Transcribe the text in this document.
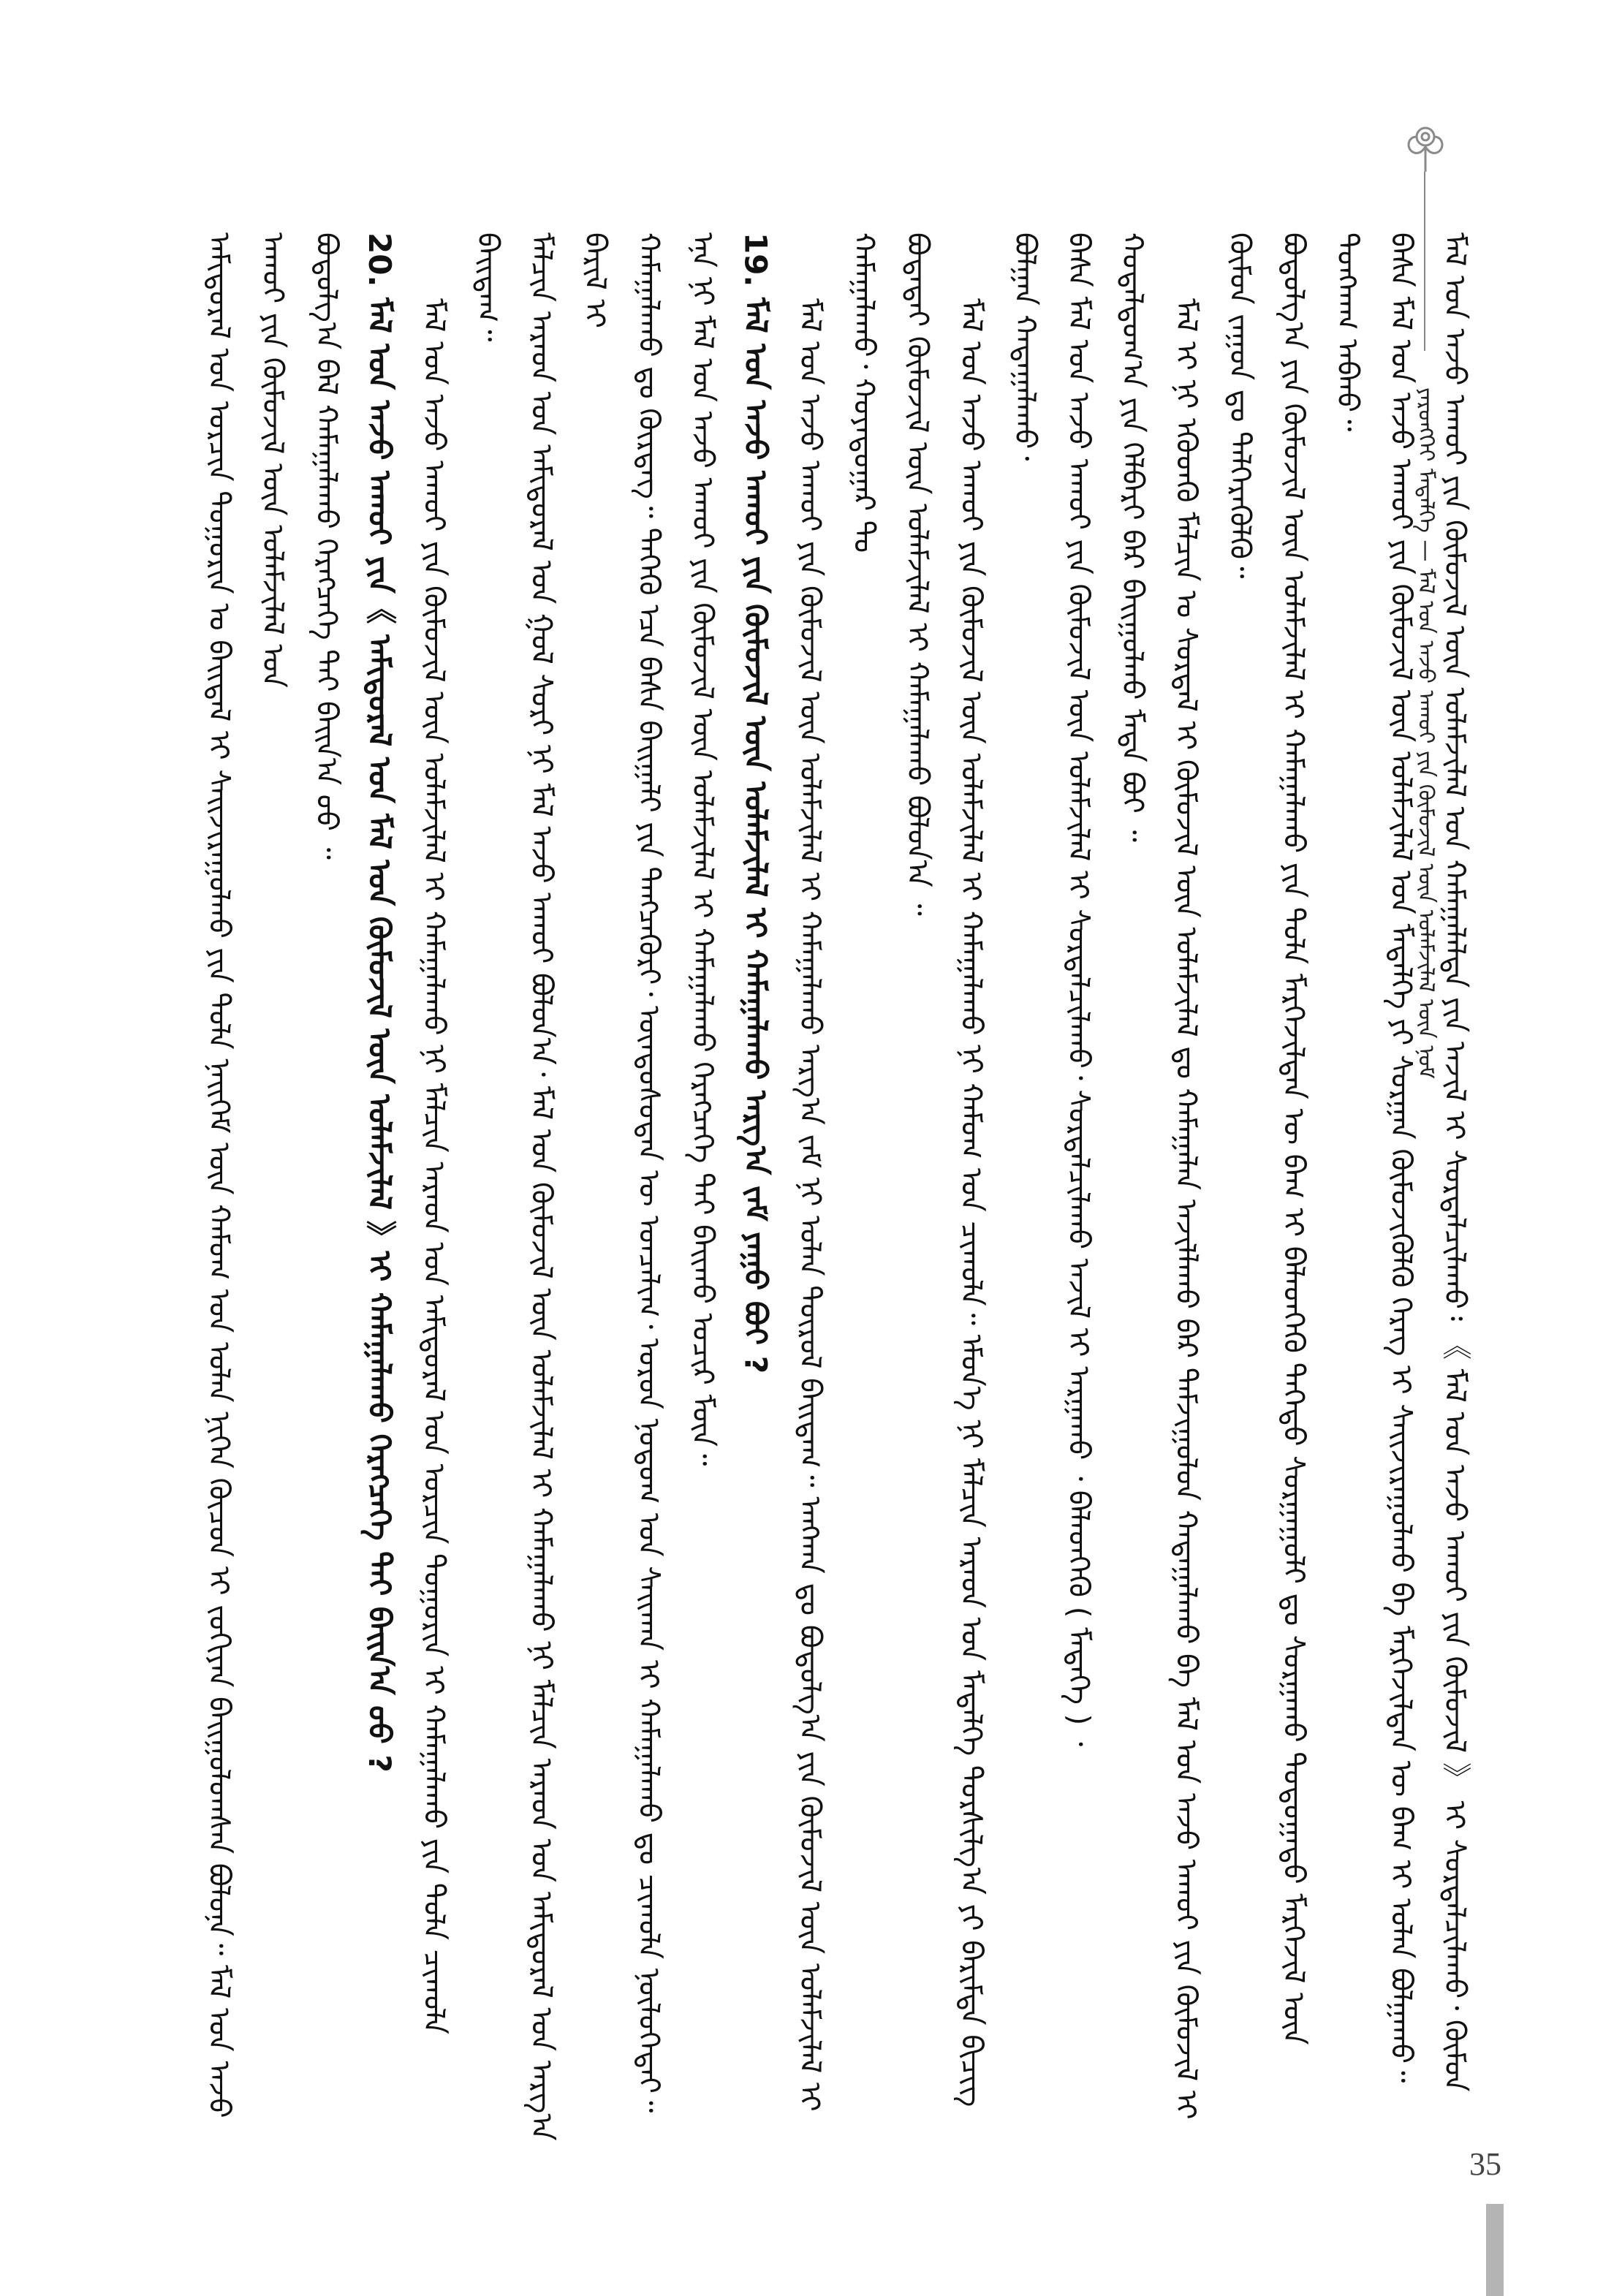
ᠶᠡᠷᠦᠩᠬᠡᠢ ᠮᠡᠳᠡᠯᠭᠡ — ᠮᠠᠯ ᠤᠨ ᠠᠵᠤ ᠠᠬᠤᠢ ᠶᠢᠨ ᠬᠦᠮᠦᠵᠢᠯ ᠦᠨ ᠤᠯᠠᠮᠵᠢᠯᠠᠯ ᠦᠨ ᠨᠤᠮ

ᠠᠮᠢᠳᠤᠷᠠᠯ ᠤᠨ ᠣᠷᠴᠢᠨ ᠲᠣᠭᠣᠷᠢᠨ ᠤ ᠪᠠᠢᠳᠠᠯ ᠢ ᠰᠠᠢᠵᠢᠷᠠᠭᠤᠯᠬᠤ ᠶᠢᠨ ᠲᠤᠯᠠ ᠨᠡᠢᠭᠡᠮ ᠦᠨ ᠬᠠᠮᠤᠭ ᠤᠨ ᠣᠯᠠᠨ ᠨᠢᠭᠡᠨ ᠬᠦᠴᠦᠨ ᠢ ᠵᠣᠬᠢᠶᠠᠨ ᠪᠠᠢᠭᠤᠯᠤᠭᠰᠠᠨ ᠪᠣᠯᠤᠨᠠ᠃ ᠮᠠᠯ ᠤᠨ ᠠᠵᠤ ᠠᠬᠤᠢ ᠶᠢᠨ ᠬᠦᠮᠦᠵᠢᠯ ᠦᠨ ᠤᠯᠠᠮᠵᠢᠯᠠᠯ ᠤᠨ ᠪᠣᠳᠤᠯᠭ᠎ᠠ ᠪᠡᠯ ᠬᠠᠮᠠᠭᠠᠯᠠᠬᠤ ᠬᠡᠷᠡᠭᠴᠡᠭᠡ ᠲᠠᠢ ᠪᠠᠢᠨ᠎ᠠ ᠤᠤ ᠃ 20. ᠮᠠᠯ ᠤᠨ ᠠᠵᠤ ᠠᠬᠤᠢ ᠶᠢᠨ《 ᠠᠮᠢᠳᠤᠷᠠᠯ ᠤᠨ ᠮᠠᠯ ᠤᠨ ᠬᠦᠮᠦᠵᠢᠯ ᠦᠨ ᠤᠯᠠᠮᠵᠢᠯᠠᠯ 》ᠢ ᠬᠠᠮᠠᠭᠠᠯᠠᠬᠤ ᠬᠡᠷᠡᠭᠴᠡᠭᠡ ᠲᠠᠢ ᠪᠠᠢᠨ᠎ᠠ ᠤᠤ ? ᠮᠠᠯ ᠤᠨ ᠠᠵᠤ ᠠᠬᠤᠢ ᠶᠢᠨ ᠬᠦᠮᠦᠵᠢᠯ ᠦᠨ ᠤᠯᠠᠮᠵᠢᠯᠠᠯ ᠢ ᠬᠠᠮᠠᠭᠠᠯᠠᠬᠤ ᠨᠢ ᠮᠠᠯᠴᠢᠨ ᠠᠷᠠᠳ ᠤᠨ ᠠᠮᠢᠳᠤᠷᠠᠯ ᠤᠨ ᠣᠷᠴᠢᠨ ᠲᠣᠭᠣᠷᠢᠨ ᠢ ᠬᠠᠮᠠᠭᠠᠯᠠᠬᠤ ᠶᠢᠨ ᠲᠤᠯᠠ ᠴᠢᠬᠤᠯᠠ ᠪᠠᠢᠳᠠᠭ᠃ ᠮᠠᠯᠴᠢᠨ ᠠᠷᠠᠳ ᠤᠨ ᠠᠮᠢᠳᠤᠷᠠᠯ ᠤᠨ ᠭᠤᠯ ᠰᠤᠷᠢ ᠨᠢ ᠮᠠᠯ ᠠᠵᠤ ᠠᠬᠤᠢ ᠪᠣᠯᠤᠨ᠎ᠠ᠂ ᠮᠠᠯ ᠤᠨ ᠬᠦᠮᠦᠵᠢᠯ ᠦᠨ ᠤᠯᠠᠮᠵᠢᠯᠠᠯ ᠢ ᠬᠠᠮᠠᠭᠠᠯᠠᠬᠤ ᠨᠢ ᠮᠠᠯᠴᠢᠨ ᠠᠷᠠᠳ ᠤᠨ ᠠᠮᠢᠳᠤᠷᠠᠯ ᠤᠨ ᠠᠷᠭ᠎ᠠ ᠪᠠᠷᠢᠯ ᠢ ᠬᠠᠮᠠᠭᠠᠯᠠᠬᠤ ᠳᠤ ᠬᠦᠷᠳᠡᠭ᠃ ᠲᠡᠭᠡᠬᠦ ᠡᠴᠡ ᠪᠠᠰᠠ ᠪᠠᠢᠭᠠᠯᠢ ᠶᠢᠨ ᠲᠡᠩᠴᠡᠭᠦᠷᠢ᠂ ᠦᠨᠳᠦᠰᠦᠲᠡᠨ ᠦ ᠣᠨᠴᠠᠯᠢᠭ᠂ ᠣᠷᠣᠨ ᠨᠤᠲᠤᠭ ᠤᠨ ᠰᠠᠢᠬᠠᠨ ᠢ ᠬᠠᠮᠠᠭᠠᠯᠠᠬᠤ ᠳᠤ ᠴᠢᠬᠤᠯᠠ ᠨᠥᠯᠦᠭᠡᠲᠡᠢ᠃ ᠡᠨᠡ ᠨᠢ ᠮᠠᠯ ᠤᠨ ᠠᠵᠤ ᠠᠬᠤᠢ ᠶᠢᠨ ᠬᠦᠮᠦᠵᠢᠯ ᠦᠨ ᠤᠯᠠᠮᠵᠢᠯᠠᠯ ᠢ ᠬᠠᠮᠠᠭᠠᠯᠠᠬᠤ ᠬᠡᠷᠡᠭᠴᠡᠭᠡ ᠲᠠᠢ ᠪᠠᠢᠬᠤ ᠤᠴᠢᠷ ᠮᠥᠨ᠃ 19. ᠮᠠᠯ ᠤᠨ ᠠᠵᠤ ᠠᠬᠤᠢ ᠶᠢᠨ ᠬᠦᠮᠦᠵᠢᠯ ᠦᠨ ᠤᠯᠠᠮᠵᠢᠯᠠᠯ ᠢ ᠬᠠᠮᠠᠭᠠᠯᠠᠬᠤ ᠠᠷᠭ᠎ᠠ ᠵᠠᠮ ᠶᠠᠭᠤ ᠪᠣᠢ ? ᠮᠠᠯ ᠤᠨ ᠠᠵᠤ ᠠᠬᠤᠢ ᠶᠢᠨ ᠬᠦᠮᠦᠵᠢᠯ ᠦᠨ ᠤᠯᠠᠮᠵᠢᠯᠠᠯ ᠢ ᠬᠠᠮᠠᠭᠠᠯᠠᠬᠤ ᠠᠷᠭ᠎ᠠ ᠵᠠᠮ ᠨᠢ ᠣᠯᠠᠨ ᠲᠥᠷᠦᠯ ᠪᠠᠢᠳᠠᠭ᠃ ᠠᠩᠬᠠᠨ ᠳᠤ ᠪᠣᠳᠤᠯᠭ᠎ᠠ ᠶᠢᠨ ᠬᠦᠮᠦᠵᠢᠯ ᠦᠨ ᠤᠯᠠᠮᠵᠢᠯᠠᠯ ᠢ ᠬᠠᠮᠠᠭᠠᠯᠠᠬᠤ᠂ ᠬᠣᠶᠠᠳᠤᠭᠠᠷ ᠲᠤ ᠪᠣᠳᠠᠳᠠᠢ ᠬᠦᠮᠦᠵᠢᠯ ᠦᠨ ᠤᠯᠠᠮᠵᠢᠯᠠᠯ ᠢ ᠬᠠᠮᠠᠭᠠᠯᠠᠬᠤ ᠪᠣᠯᠤᠨ᠎ᠠ ᠃ ᠮᠠᠯ ᠤᠨ ᠠᠵᠤ ᠠᠬᠤᠢ ᠶᠢᠨ ᠬᠦᠮᠦᠵᠢᠯ ᠦᠨ ᠤᠯᠠᠮᠵᠢᠯᠠᠯ ᠢ ᠬᠠᠮᠠᠭᠠᠯᠠᠬᠤ ᠨᠢ ᠬᠠᠮᠤᠭ ᠤᠨ ᠴᠢᠬᠤᠯᠠ᠃ ᠡᠮᠦᠨ᠎ᠡ ᠨᠢ ᠮᠠᠯᠴᠢᠨ ᠠᠷᠠᠳ ᠤᠨ ᠮᠡᠳᠡᠯᠭᠡ ᠲᠤᠷᠰᠢᠯᠭ᠎ᠠ ᠶᠢ ᠪᠠᠷᠢᠮᠲᠠ ᠪᠢᠴᠢᠭ ᠪᠣᠯᠭᠠᠨ ᠬᠠᠳᠠᠭᠠᠯᠠᠬᠤ᠂ ᠪᠠᠰᠠ ᠮᠠᠯ ᠤᠨ ᠠᠵᠤ ᠠᠬᠤᠢ ᠶᠢᠨ ᠬᠦᠮᠦᠵᠢᠯ ᠦᠨ ᠤᠯᠠᠮᠵᠢᠯᠠᠯ ᠢ ᠰᠤᠷᠲᠠᠯᠴᠢᠯᠠᠬᠤ᠂ ᠰᠤᠷᠲᠠᠯᠴᠢᠯᠠᠬᠤ ᠠᠵᠢᠯ ᠢ ᠠᠷᠭᠠᠬᠤ ᠂ ᠪᠡᠯᠡᠳᠬᠡᠬᠦ ( ᠮᠡᠳᠡᠭᠡ ) ᠂ ᠬᠤᠳᠠᠯᠳᠤᠭ᠎ᠠ ᠶᠢᠨ ᠬᠡᠯᠪᠡᠷᠢ ᠪᠠᠷ ᠪᠠᠢᠭᠤᠯᠬᠤ ᠮᠡᠳᠡ ᠪᠣᠢ ᠃ ᠮᠠᠯ ᠢ ᠨᠢ ᠡᠭᠦᠳᠬᠦ ᠮᠠᠯᠴᠢᠨ ᠤ ᠰᠤᠷᠲᠠᠯ ᠢ ᠬᠦᠮᠦᠵᠢᠯ ᠦᠨ ᠤᠯᠠᠮᠵᠢᠯᠠᠯ ᠳᠤ ᠬᠠᠮᠠᠭᠠᠯᠠᠨ ᠠᠵᠢᠯᠯᠠᠬᠤ ᠪᠠᠷ ᠳᠠᠮᠵᠢᠭᠤᠯᠤᠨ ᠬᠠᠳᠠᠭᠠᠯᠠᠬᠤ ᠪᠠ ᠮᠠᠯ ᠤᠨ ᠠᠵᠤ ᠠᠬᠤᠢ ᠶᠢᠨ ᠬᠦᠮᠦᠵᠢᠯ ᠢ ᠬᠦᠮᠦᠨ ᠵᠠᠭᠤᠨ ᠳᠤ ᠳᠡᠯᠭᠡᠷᠡᠭᠦᠯᠬᠦ᠃ ᠪᠣᠳᠤᠯᠭ᠎ᠠ ᠶᠢᠨ ᠬᠦᠮᠦᠵᠢᠯ ᠦᠨ ᠤᠯᠠᠮᠵᠢᠯᠠᠯ ᠢ ᠬᠠᠮᠠᠭᠠᠯᠠᠬᠤ ᠶᠢᠨ ᠲᠤᠯᠠ ᠮᠡᠷᠭᠡᠵᠢᠯᠲᠡᠨ ᠦ ᠪᠠᠭ ᠢ ᠪᠡᠯᠡᠳᠬᠡᠬᠦ ᠲᠡᠭᠡᠳᠦ ᠰᠤᠷᠭᠠᠭᠤᠯᠢ ᠳᠤ ᠰᠤᠷᠭᠠᠬᠤ ᠳᠣᠲᠣᠭᠠᠳᠤ ᠮᠡᠷᠭᠡᠵᠢᠯ ᠦᠨ ᠲᠤᠩᠬᠠᠭ ᠠᠪᠬᠤ᠃ ᠪᠠᠰᠠ ᠮᠠᠯ ᠤᠨ ᠠᠵᠤ ᠠᠬᠤᠢ ᠶᠢᠨ ᠬᠦᠮᠦᠵᠢᠯ ᠦᠨ ᠤᠯᠠᠮᠵᠢᠯᠠᠯ ᠤᠨ ᠮᠡᠳᠡᠯᠭᠡ ᠶᠢ ᠰᠤᠷᠭᠠᠨ ᠬᠦᠮᠦᠵᠢᠭᠦᠯᠬᠦ ᠬᠡᠷᠡᠭ ᠢ ᠰᠠᠢᠵᠢᠷᠠᠭᠤᠯᠬᠤ ᠪᠠ ᠮᠡᠷᠭᠡᠵᠢᠯᠲᠡᠨ ᠦ ᠪᠠᠭ ᠢ ᠣᠯᠠᠨ ᠪᠣᠯᠭᠠᠬᠤ᠃ ᠮᠠᠯ ᠤᠨ ᠠᠵᠤ ᠠᠬᠤᠢ ᠶᠢᠨ ᠬᠦᠮᠦᠵᠢᠯ ᠦᠨ ᠤᠯᠠᠮᠵᠢᠯᠠᠯ ᠤᠨ ᠬᠠᠮᠠᠭᠠᠯᠠᠯᠲᠠ ᠶᠢᠨ ᠠᠵᠢᠯ ᠢ ᠰᠤᠷᠲᠠᠯᠴᠢᠯᠠᠬᠤ᠄ 《 ᠮᠠᠯ ᠤᠨ ᠠᠵᠤ ᠠᠬᠤᠢ ᠶᠢᠨ ᠬᠦᠮᠦᠵᠢᠯ 》 ᠢ ᠰᠤᠷᠲᠠᠯᠴᠢᠯᠠᠬᠤ᠂ ᠬᠦᠮᠦᠨ

35
